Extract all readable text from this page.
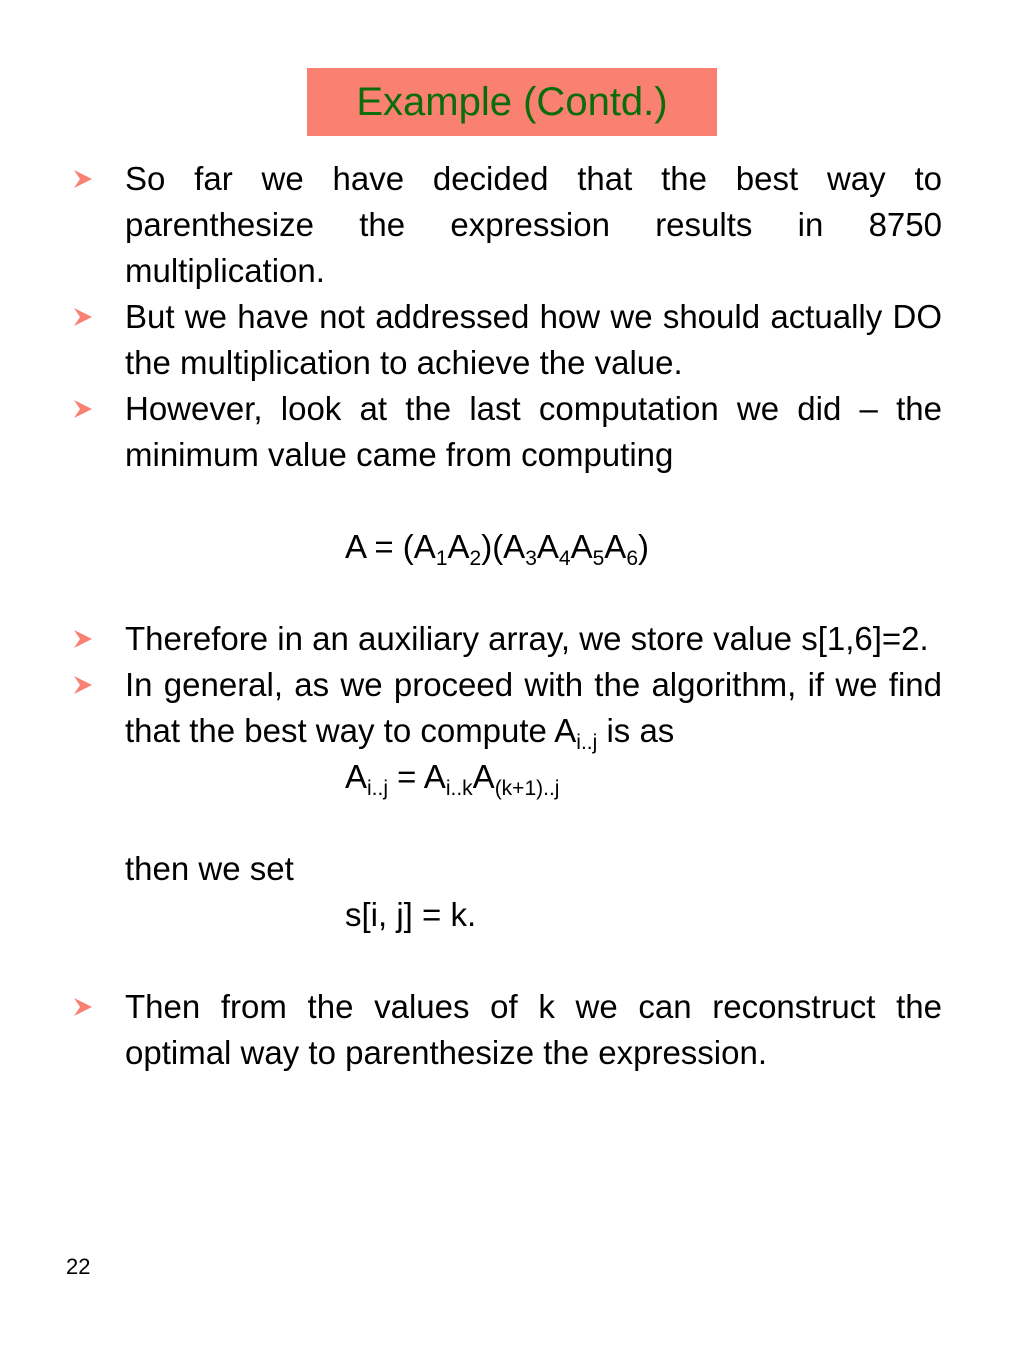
Example (Contd.)
So far we have decided that the best way to parenthesize the expression results in 8750 multiplication.
But we have not addressed how we should actually DO the multiplication to achieve the value.
However, look at the last computation we did – the minimum value came from computing
$A = (A_1A_2)(A_3A_4A_5A_6)$
Therefore in an auxiliary array, we store value s[1,6]=2.
In general, as we proceed with the algorithm, if we find that the best way to compute $A_{i..j}$ is as
$A_{i..j} = A_{i..k}A_{(k+1)..j}$
then we set
s[i, j] = k.
Then from the values of k we can reconstruct the optimal way to parenthesize the expression.
22
